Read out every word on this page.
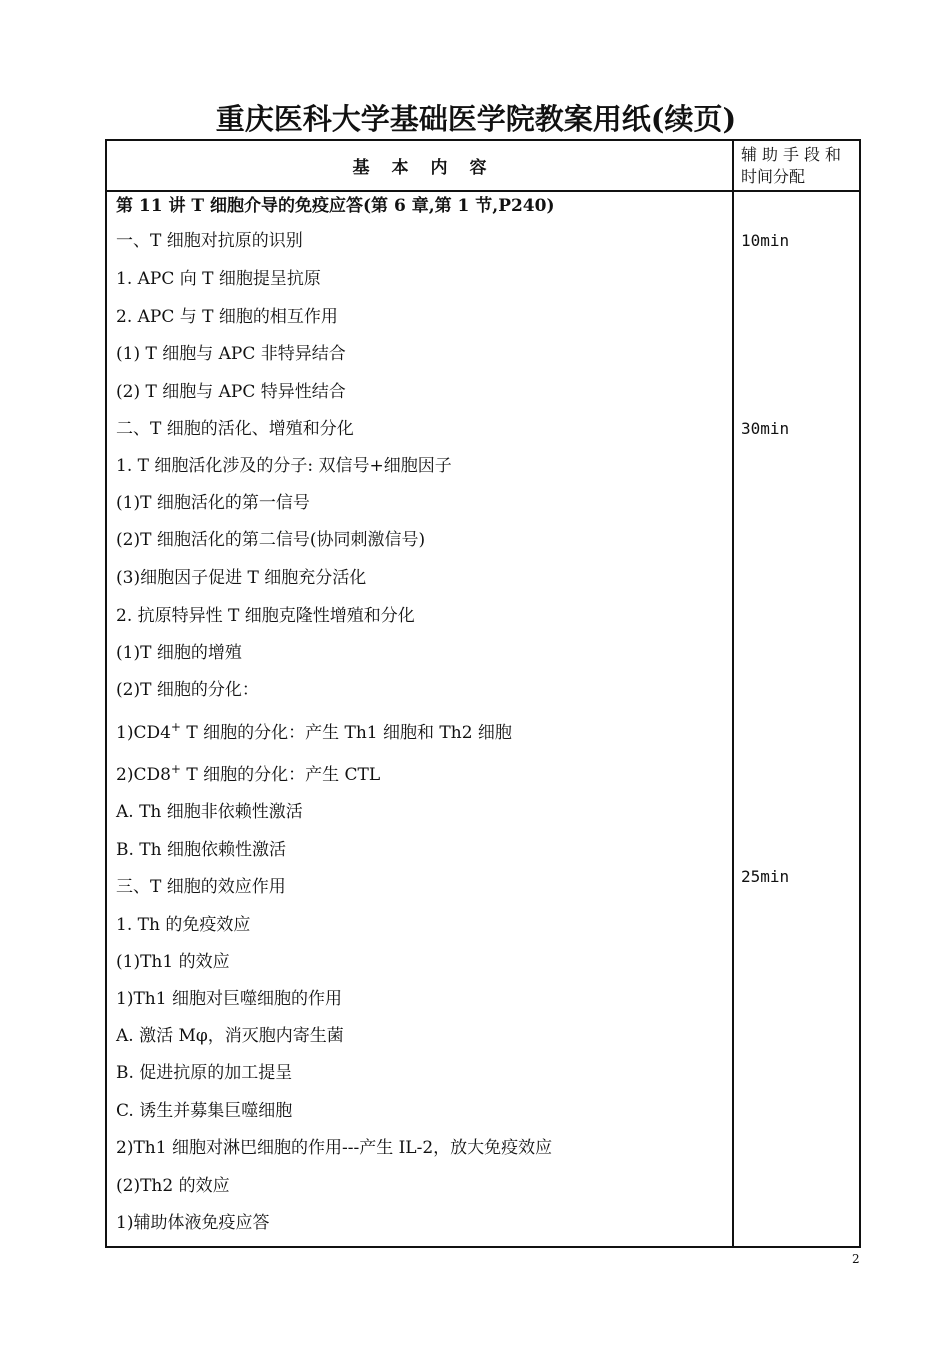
重庆医科大学基础医学院教案用纸(续页)
基本内容
辅助手段和
时间分配
第 11 讲 T 细胞介导的免疫应答(第 6 章,第 1 节,P240)
一、T 细胞对抗原的识别
1. APC 向 T 细胞提呈抗原
2. APC 与 T 细胞的相互作用
(1) T 细胞与 APC 非特异结合
(2) T 细胞与 APC 特异性结合
二、T 细胞的活化、增殖和分化
1. T 细胞活化涉及的分子: 双信号+细胞因子
(1)T 细胞活化的第一信号
(2)T 细胞活化的第二信号(协同刺激信号)
(3)细胞因子促进 T 细胞充分活化
2. 抗原特异性 T 细胞克隆性增殖和分化
(1)T 细胞的增殖
(2)T 细胞的分化：
1)CD4+ T 细胞的分化：产生 Th1 细胞和 Th2 细胞
2)CD8+ T 细胞的分化：产生 CTL
A. Th 细胞非依赖性激活
B. Th 细胞依赖性激活
三、T 细胞的效应作用
1. Th 的免疫效应
(1)Th1 的效应
1)Th1 细胞对巨噬细胞的作用
A. 激活 Mφ，消灭胞内寄生菌
B. 促进抗原的加工提呈
C. 诱生并募集巨噬细胞
2)Th1 细胞对淋巴细胞的作用---产生 IL-2，放大免疫效应
(2)Th2 的效应
1)辅助体液免疫应答
10min
30min
25min
2
